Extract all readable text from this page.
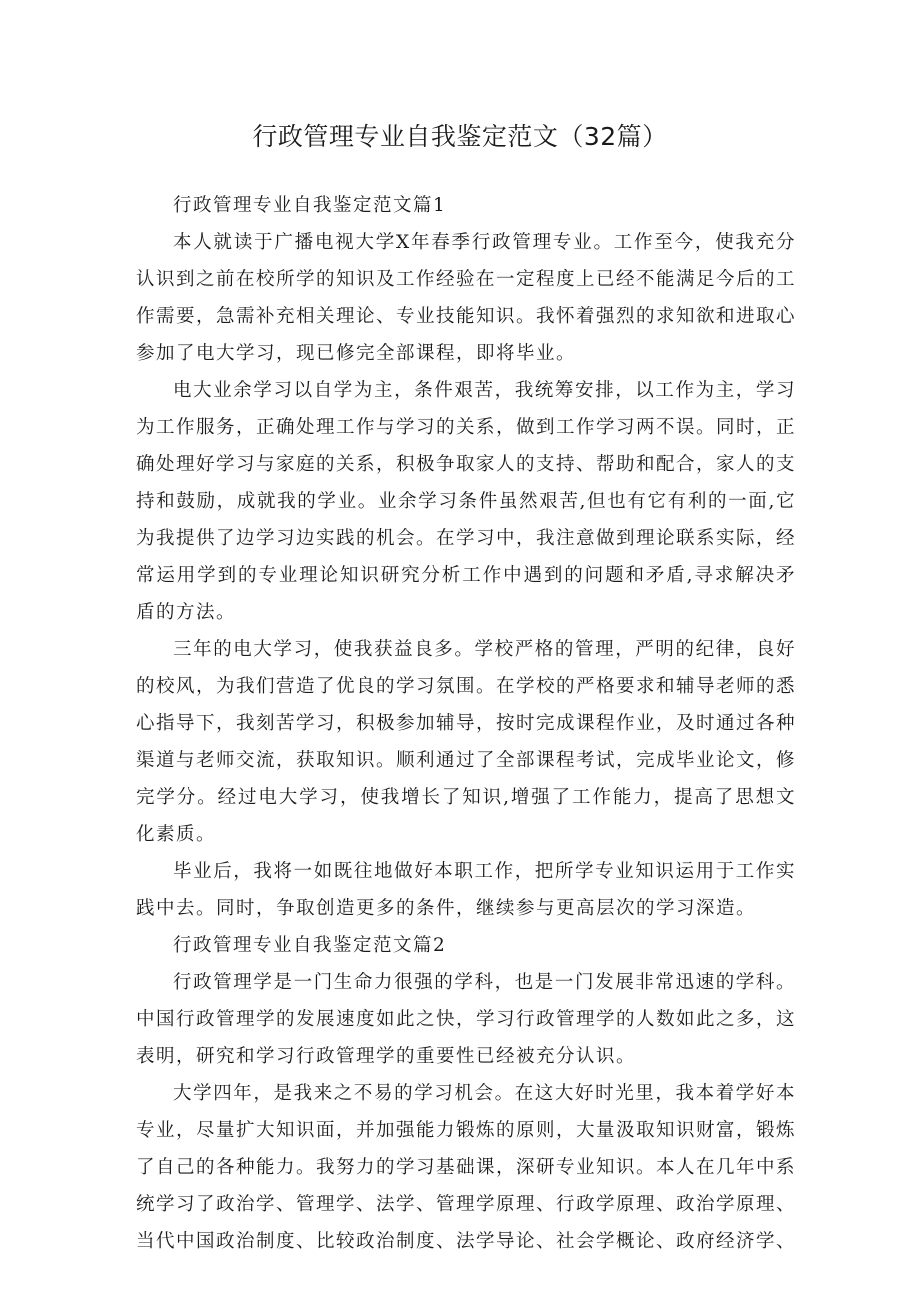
行政管理专业自我鉴定范文（32篇）

行政管理专业自我鉴定范文篇1

本人就读于广播电视大学X年春季行政管理专业。工作至今，使我充分认识到之前在校所学的知识及工作经验在一定程度上已经不能满足今后的工作需要，急需补充相关理论、专业技能知识。我怀着强烈的求知欲和进取心参加了电大学习，现已修完全部课程，即将毕业。

电大业余学习以自学为主，条件艰苦，我统筹安排，以工作为主，学习为工作服务，正确处理工作与学习的关系，做到工作学习两不误。同时，正确处理好学习与家庭的关系，积极争取家人的支持、帮助和配合，家人的支持和鼓励，成就我的学业。业余学习条件虽然艰苦,但也有它有利的一面,它为我提供了边学习边实践的机会。在学习中，我注意做到理论联系实际，经常运用学到的专业理论知识研究分析工作中遇到的问题和矛盾,寻求解决矛盾的方法。

三年的电大学习，使我获益良多。学校严格的管理，严明的纪律，良好的校风，为我们营造了优良的学习氛围。在学校的严格要求和辅导老师的悉心指导下，我刻苦学习，积极参加辅导，按时完成课程作业，及时通过各种渠道与老师交流，获取知识。顺利通过了全部课程考试，完成毕业论文，修完学分。经过电大学习，使我增长了知识,增强了工作能力，提高了思想文化素质。

毕业后，我将一如既往地做好本职工作，把所学专业知识运用于工作实践中去。同时，争取创造更多的条件，继续参与更高层次的学习深造。

行政管理专业自我鉴定范文篇2

行政管理学是一门生命力很强的学科，也是一门发展非常迅速的学科。中国行政管理学的发展速度如此之快，学习行政管理学的人数如此之多，这表明，研究和学习行政管理学的重要性已经被充分认识。

大学四年，是我来之不易的学习机会。在这大好时光里，我本着学好本专业，尽量扩大知识面，并加强能力锻炼的原则，大量汲取知识财富，锻炼了自己的各种能力。我努力的学习基础课，深研专业知识。本人在几年中系统学习了政治学、管理学、法学、管理学原理、行政学原理、政治学原理、当代中国政治制度、比较政治制度、法学导论、社会学概论、政府经济学、
